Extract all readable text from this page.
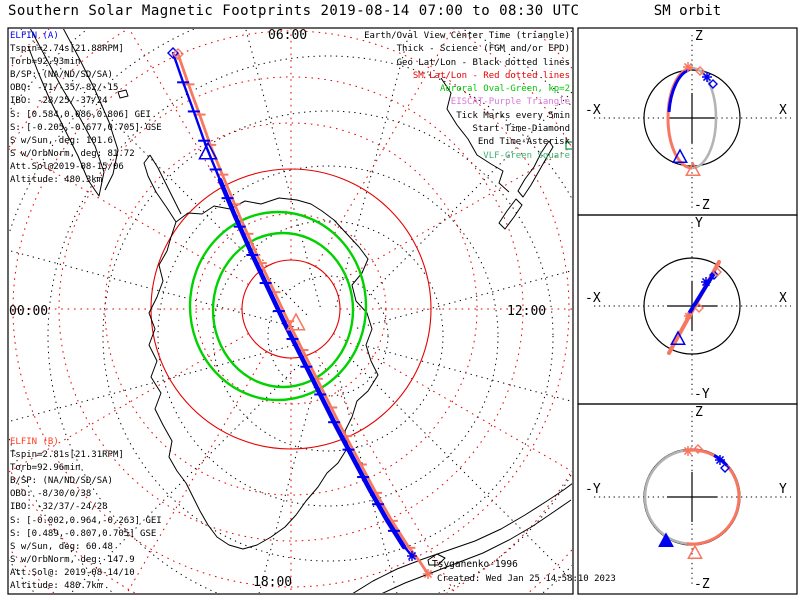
Southern Solar Magnetic Footprints 2019-08-14 07:00 to 08:30 UTC	SM orbit
ELFIN (A)
Tspin=2.74s[21.88RPM]
Torb=92.93min
B/SP: (NA/ND/SD/SA)
OBO: -71/-35/-82/-15
IBO: -28/25/-37/24
S: [0.584,0.086,0.806] GEI
S: [-0.205,-0.677,0.705] GSE
S w/Sun, deg: 101.6
S w/OrbNorm, deg: 81.72
Att.Sol@2019-08-15/06
Altitude: 480.3km
Earth/Oval View Center Time (triangle)
Thick - Science (FGM and/or EPD)
Geo Lat/Lon - Black dotted lines
SM Lat/Lon - Red dotted lines
Auroral Oval-Green, kp=2
EISCAT-Purple Triangle
Tick Marks every 5min
Start Time-Diamond
End Time-Asterisk
VLF-Green Square
ELFIN (B)
Tspin=2.81s[21.31RPM]
Torb=92.96min
B/SP: (NA/ND/SD/SA)
OBO: -8/30/0/38
IBO: -32/37/-24/28
S: [-0.002,0.964,-0.263] GEI
S: [0.489,-0.807,0.705] GSE
S w/Sun, deg: 60.48
S w/OrbNorm, deg: 147.9
Att.Sol@: 2019-08-14/10
Altitude: 480.7km
06:00
00:00	12:00
18:00
Tsyganenko-1996
Created: Wed Jan 25 14:58:10 2023
Z
-Z
-X	X
Y
-Y
-X	X
Z
-Z
-Y	Y
